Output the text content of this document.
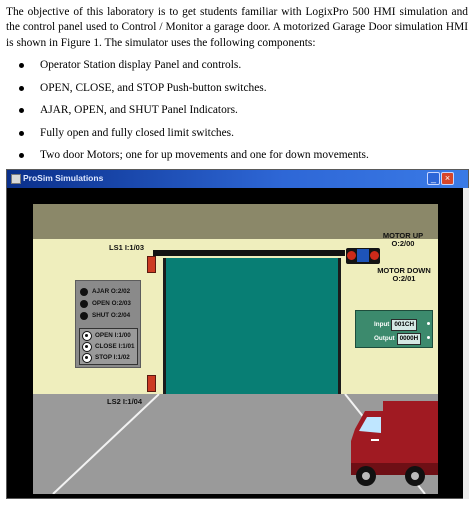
The objective of this laboratory is to get students familiar with LogixPro 500 HMI simulation and the control panel used to Control / Monitor a garage door. A motorized Garage Door simulation HMI is shown in Figure 1. The simulator uses the following components:

Operator Station display Panel and controls.
OPEN, CLOSE, and STOP Push-button switches.
AJAR, OPEN, and SHUT Panel Indicators.
Fully open and fully closed limit switches.
Two door Motors; one for up movements and one for down movements.
ProSim Simulations	_ ×
LS1 I:1/03
LS2 I:1/04
MOTOR UP
O:2/00
MOTOR DOWN
O:2/01
AJAR O:2/02
OPEN O:2/03
SHUT O:2/04
OPEN I:1/00
CLOSE I:1/01
STOP I:1/02
Input 001CH
Output 0000H
